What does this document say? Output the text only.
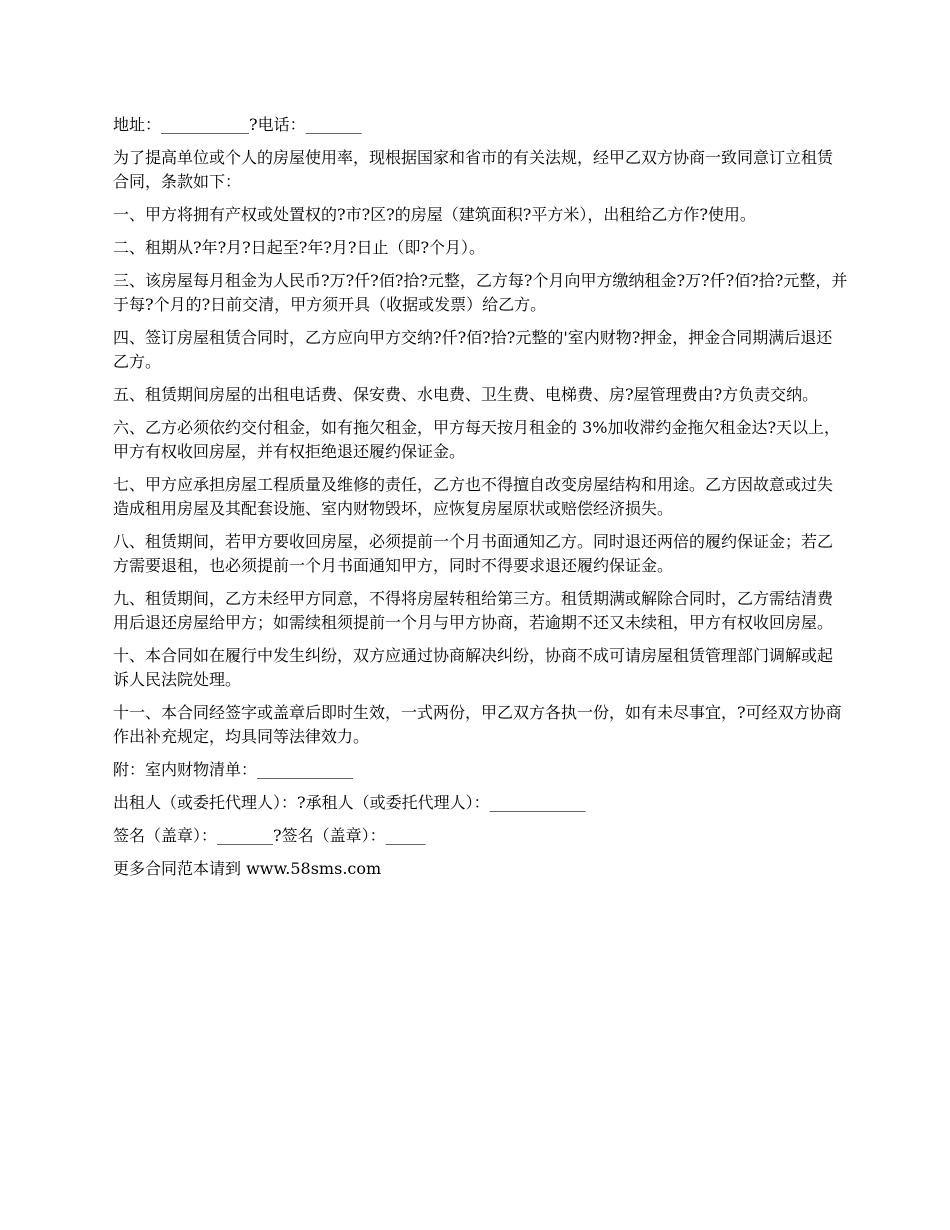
地址：___________?电话：_______

为了提高单位或个人的房屋使用率，现根据国家和省市的有关法规，经甲乙双方协商一致同意订立租赁合同，条款如下：

一、甲方将拥有产权或处置权的?市?区?的房屋（建筑面积?平方米），出租给乙方作?使用。

二、租期从?年?月?日起至?年?月?日止（即?个月）。

三、该房屋每月租金为人民币?万?仟?佰?拾?元整，乙方每?个月向甲方缴纳租金?万?仟?佰?拾?元整，并于每?个月的?日前交清，甲方须开具（收据或发票）给乙方。

四、签订房屋租赁合同时，乙方应向甲方交纳?仟?佰?拾?元整的'室内财物?押金，押金合同期满后退还乙方。

五、租赁期间房屋的出租电话费、保安费、水电费、卫生费、电梯费、房?屋管理费由?方负责交纳。

六、乙方必须依约交付租金，如有拖欠租金，甲方每天按月租金的 3%加收滞约金拖欠租金达?天以上，甲方有权收回房屋，并有权拒绝退还履约保证金。

七、甲方应承担房屋工程质量及维修的责任，乙方也不得擅自改变房屋结构和用途。乙方因故意或过失造成租用房屋及其配套设施、室内财物毁坏，应恢复房屋原状或赔偿经济损失。

八、租赁期间，若甲方要收回房屋，必须提前一个月书面通知乙方。同时退还两倍的履约保证金；若乙方需要退租，也必须提前一个月书面通知甲方，同时不得要求退还履约保证金。

九、租赁期间，乙方未经甲方同意，不得将房屋转租给第三方。租赁期满或解除合同时，乙方需结清费用后退还房屋给甲方；如需续租须提前一个月与甲方协商，若逾期不还又未续租，甲方有权收回房屋。

十、本合同如在履行中发生纠纷，双方应通过协商解决纠纷，协商不成可请房屋租赁管理部门调解或起诉人民法院处理。

十一、本合同经签字或盖章后即时生效，一式两份，甲乙双方各执一份，如有未尽事宜，?可经双方协商作出补充规定，均具同等法律效力。

附：室内财物清单：____________

出租人（或委托代理人）：?承租人（或委托代理人）：____________

签名（盖章）：_______?签名（盖章）：_____

更多合同范本请到 www.58sms.com
